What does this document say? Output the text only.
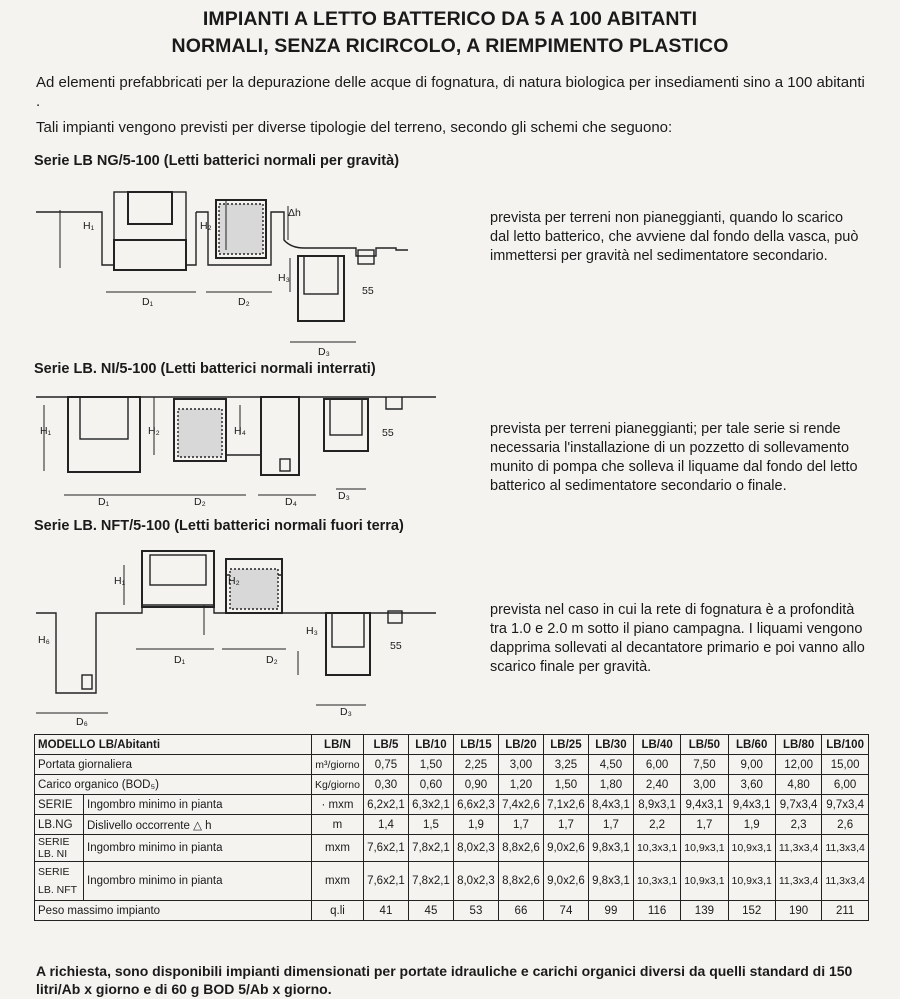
IMPIANTI A LETTO BATTERICO DA 5 A 100 ABITANTI
NORMALI, SENZA RICIRCOLO, A RIEMPIMENTO PLASTICO
Ad elementi prefabbricati per la depurazione delle acque di fognatura, di natura biologica per insediamenti sino a 100 abitanti .
Tali impianti vengono previsti per diverse tipologie del terreno, secondo gli schemi che seguono:
Serie LB NG/5-100 (Letti batterici normali per gravità)
H₁	H₂
H₃
Δh
D₁	D₂
D₃
55
prevista per terreni non pianeggianti, quando lo scarico dal letto batterico, che avviene dal fondo della vasca, può immettersi per gravità nel sedimentatore secondario.
Serie LB. NI/5-100 (Letti batterici normali interrati)
H₁	H₂	H₄
D₁	D₂	D₄	D₃
55	prevista per terreni pianeggianti; per tale serie si rende necessaria l'installazione di un pozzetto di sollevamento munito di pompa che solleva il liquame dal fondo del letto batterico al sedimentatore secondario o finale.
Serie LB. NFT/5-100 (Letti batterici normali fuori terra)
H₁	H₂
H₃
H₆
D₁	D₂
D₃
D₆
55
prevista nel caso in cui la rete di fognatura è a profondità tra 1.0 e 2.0 m sotto il piano campagna. I liquami vengono dapprima sollevati al decantatore primario e poi vanno allo scarico finale per gravità.
MODELLO LB/Abitanti		LB/N	LB/5	LB/10	LB/15	LB/20	LB/25	LB/30	LB/40	LB/50	LB/60	LB/80	LB/100
Portata giornaliera		m³/giorno	0,75	1,50	2,25	3,00	3,25	4,50	6,00	7,50	9,00	12,00	15,00
Carico organico (BOD₅)		Kg/giorno	0,30	0,60	0,90	1,20	1,50	1,80	2,40	3,00	3,60	4,80	6,00
SERIE	Ingombro minimo in pianta	· mxm	6,2x2,1	6,3x2,1	6,6x2,3	7,4x2,6	7,1x2,6	8,4x3,1	8,9x3,1	9,4x3,1	9,4x3,1	9,7x3,4	9,7x3,4
LB.NG	Dislivello occorrente △ h	m	1,4	1,5	1,9	1,7	1,7	1,7	2,2	1,7	1,9	2,3	2,6
SERIE
LB. NI	Ingombro minimo in pianta	mxm	7,6x2,1	7,8x2,1	8,0x2,3	8,8x2,6	9,0x2,6	9,8x3,1	10,3x3,1	10,9x3,1	10,9x3,1	11,3x3,4	11,3x3,4
SERIE
LB. NFT	Ingombro minimo in pianta	mxm	7,6x2,1	7,8x2,1	8,0x2,3	8,8x2,6	9,0x2,6	9,8x3,1	10,3x3,1	10,9x3,1	10,9x3,1	11,3x3,4	11,3x3,4
Peso massimo impianto		q.li	41	45	53	66	74	99	116	139	152	190	211
A richiesta, sono disponibili impianti dimensionati per portate idrauliche e carichi organici diversi da quelli standard di 150 litri/Ab x giorno e di 60 g BOD 5/Ab x giorno.
